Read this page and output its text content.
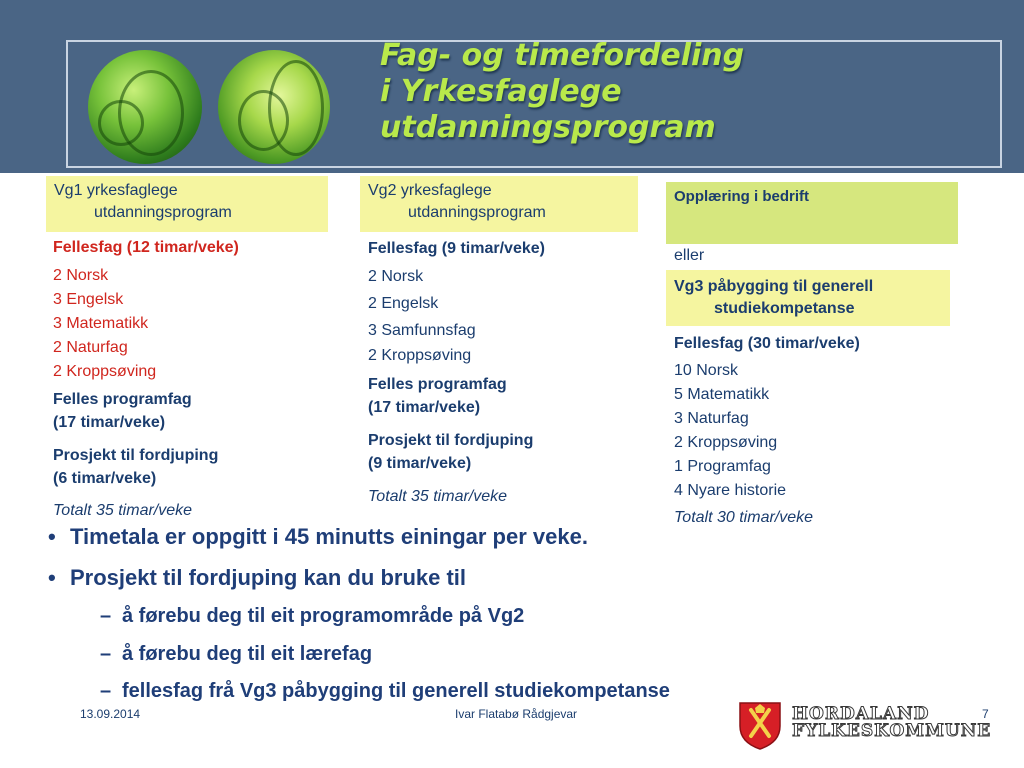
Fag- og timefordeling
i Yrkesfaglege
utdanningsprogram
Vg1 yrkesfaglege
utdanningsprogram
Fellesfag (12 timar/veke)
2 Norsk
3 Engelsk
3 Matematikk
2 Naturfag
2 Kroppsøving
Felles programfag
(17 timar/veke)
Prosjekt til fordjuping
(6 timar/veke)
Totalt 35 timar/veke
Vg2 yrkesfaglege
utdanningsprogram
Fellesfag (9 timar/veke)
2 Norsk
2 Engelsk
3 Samfunnsfag
2 Kroppsøving
Felles programfag
(17 timar/veke)
Prosjekt til fordjuping
(9 timar/veke)
Totalt 35 timar/veke
Opplæring i bedrift
eller
Vg3 påbygging til generell
studiekompetanse
Fellesfag (30 timar/veke)
10 Norsk
5 Matematikk
3 Naturfag
2 Kroppsøving
1 Programfag
4 Nyare historie
Totalt 30 timar/veke
• Timetala er oppgitt i 45 minutts einingar per veke.
• Prosjekt til fordjuping kan du bruke til
– å førebu deg til eit programområde på Vg2
– å førebu deg til eit lærefag
– fellesfag frå Vg3 påbygging til generell studiekompetanse
13.09.2014	Ivar Flatabø Rådgjevar	7
HORDALAND
FYLKESKOMMUNE
